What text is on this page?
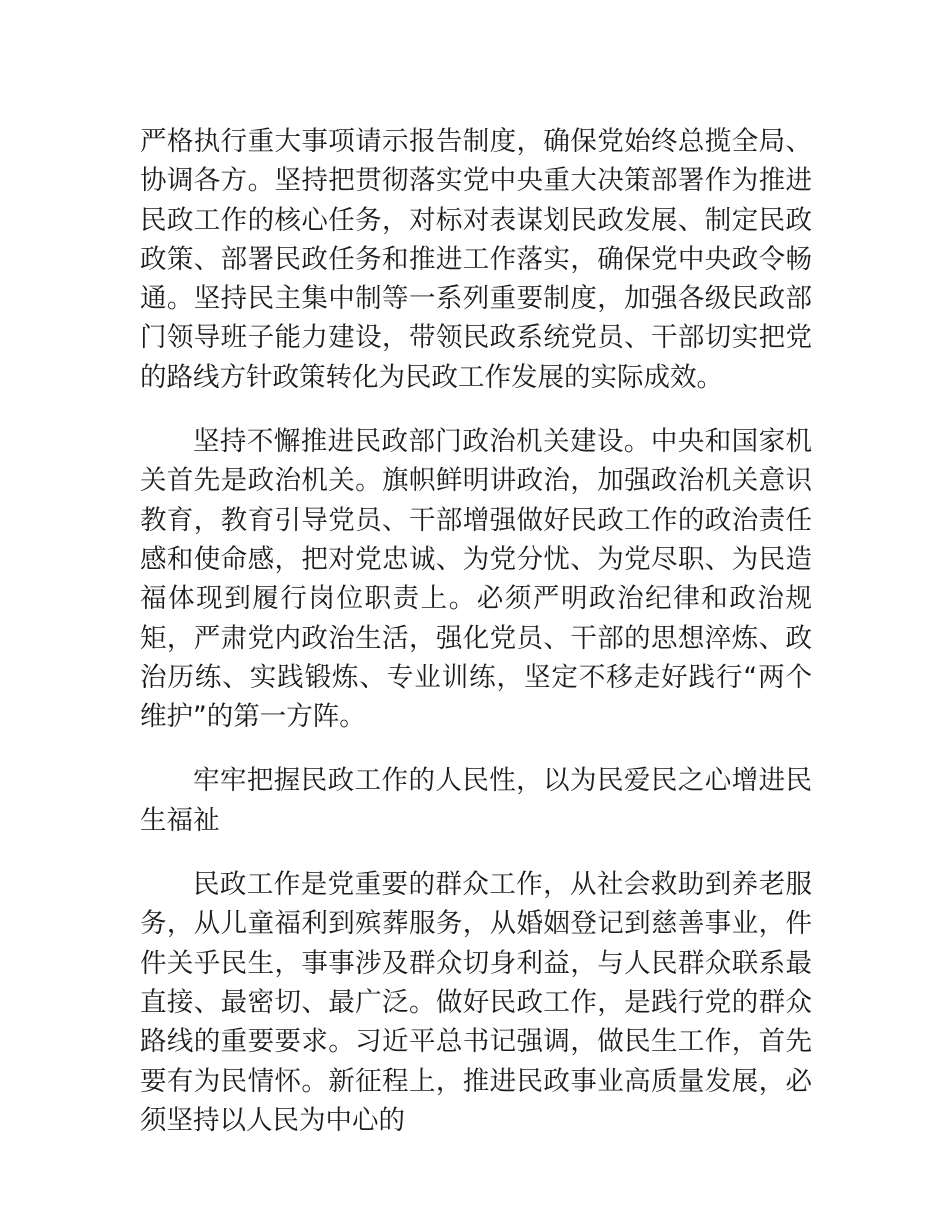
严格执行重大事项请示报告制度，确保党始终总揽全局、协调各方。坚持把贯彻落实党中央重大决策部署作为推进民政工作的核心任务，对标对表谋划民政发展、制定民政政策、部署民政任务和推进工作落实，确保党中央政令畅通。坚持民主集中制等一系列重要制度，加强各级民政部门领导班子能力建设，带领民政系统党员、干部切实把党的路线方针政策转化为民政工作发展的实际成效。

坚持不懈推进民政部门政治机关建设。中央和国家机关首先是政治机关。旗帜鲜明讲政治，加强政治机关意识教育，教育引导党员、干部增强做好民政工作的政治责任感和使命感，把对党忠诚、为党分忧、为党尽职、为民造福体现到履行岗位职责上。必须严明政治纪律和政治规矩，严肃党内政治生活，强化党员、干部的思想淬炼、政治历练、实践锻炼、专业训练，坚定不移走好践行“两个维护”的第一方阵。

牢牢把握民政工作的人民性，以为民爱民之心增进民生福祉

民政工作是党重要的群众工作，从社会救助到养老服务，从儿童福利到殡葬服务，从婚姻登记到慈善事业，件件关乎民生，事事涉及群众切身利益，与人民群众联系最直接、最密切、最广泛。做好民政工作，是践行党的群众路线的重要要求。习近平总书记强调，做民生工作，首先要有为民情怀。新征程上，推进民政事业高质量发展，必须坚持以人民为中心的
